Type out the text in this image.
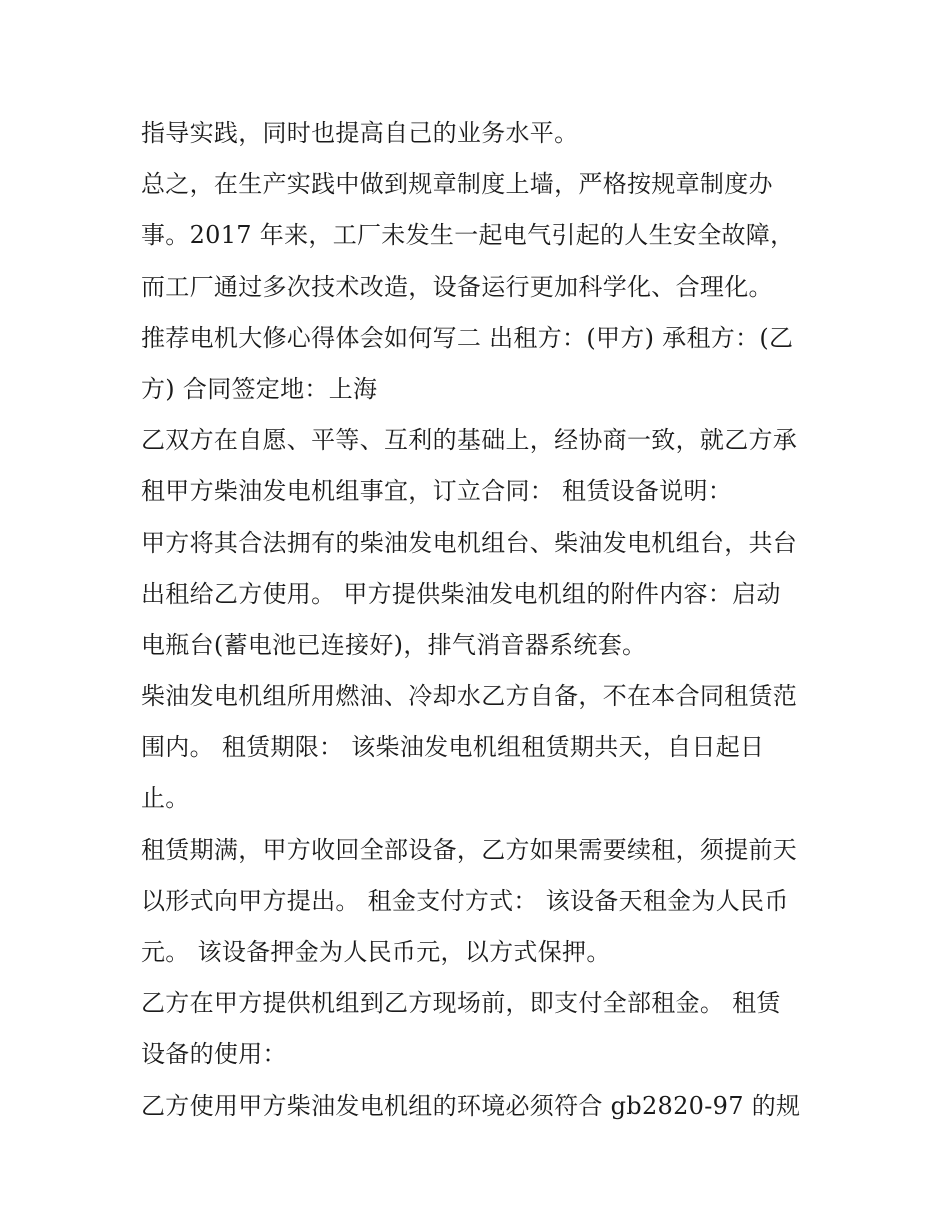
指导实践，同时也提高自己的业务水平。
总之，在生产实践中做到规章制度上墙，严格按规章制度办
事。2017 年来，工厂未发生一起电气引起的人生安全故障，
而工厂通过多次技术改造，设备运行更加科学化、合理化。
推荐电机大修心得体会如何写二 出租方：(甲方) 承租方：(乙
方) 合同签定地：上海
乙双方在自愿、平等、互利的基础上，经协商一致，就乙方承
租甲方柴油发电机组事宜，订立合同： 租赁设备说明：
甲方将其合法拥有的柴油发电机组台、柴油发电机组台，共台
出租给乙方使用。 甲方提供柴油发电机组的附件内容：启动
电瓶台(蓄电池已连接好)，排气消音器系统套。
柴油发电机组所用燃油、冷却水乙方自备，不在本合同租赁范
围内。 租赁期限： 该柴油发电机组租赁期共天，自日起日
止。
租赁期满，甲方收回全部设备，乙方如果需要续租，须提前天
以形式向甲方提出。 租金支付方式： 该设备天租金为人民币
元。 该设备押金为人民币元，以方式保押。
乙方在甲方提供机组到乙方现场前，即支付全部租金。 租赁
设备的使用：
乙方使用甲方柴油发电机组的环境必须符合 gb2820-97 的规
